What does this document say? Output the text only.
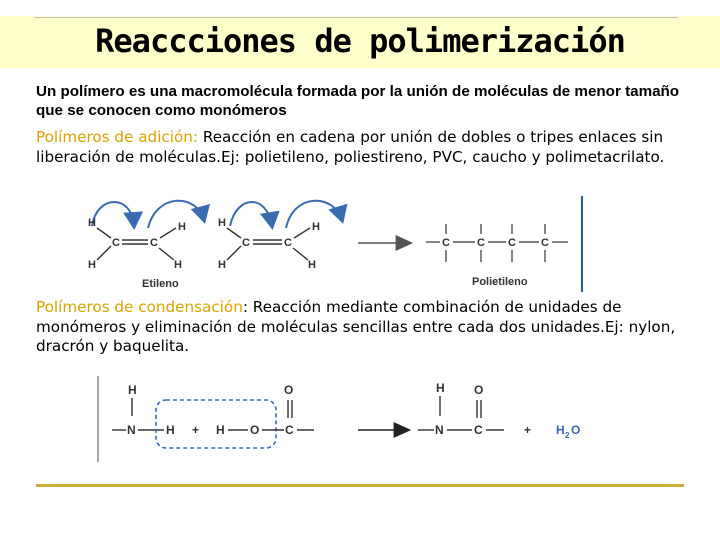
Reaccciones de polimerización
Un polímero es una macromolécula formada por la unión de moléculas de menor tamaño que se conocen como monómeros
Polímeros de adición: Reacción en cadena por unión de dobles o tripes enlaces sin liberación de moléculas.Ej: polietileno, poliestireno, PVC, caucho y polimetacrilato.
H
H
C	C
H
H
Etileno
H
H
C	C
H
H
C C C C
Polietileno
Polímeros de condensación: Reacción mediante combinación de unidades de monómeros y eliminación de moléculas sencillas entre cada dos unidades.Ej: nylon, dracrón y baquelita.
H
N	H + H O C
O	H
N	C
O
+ H 2 O
